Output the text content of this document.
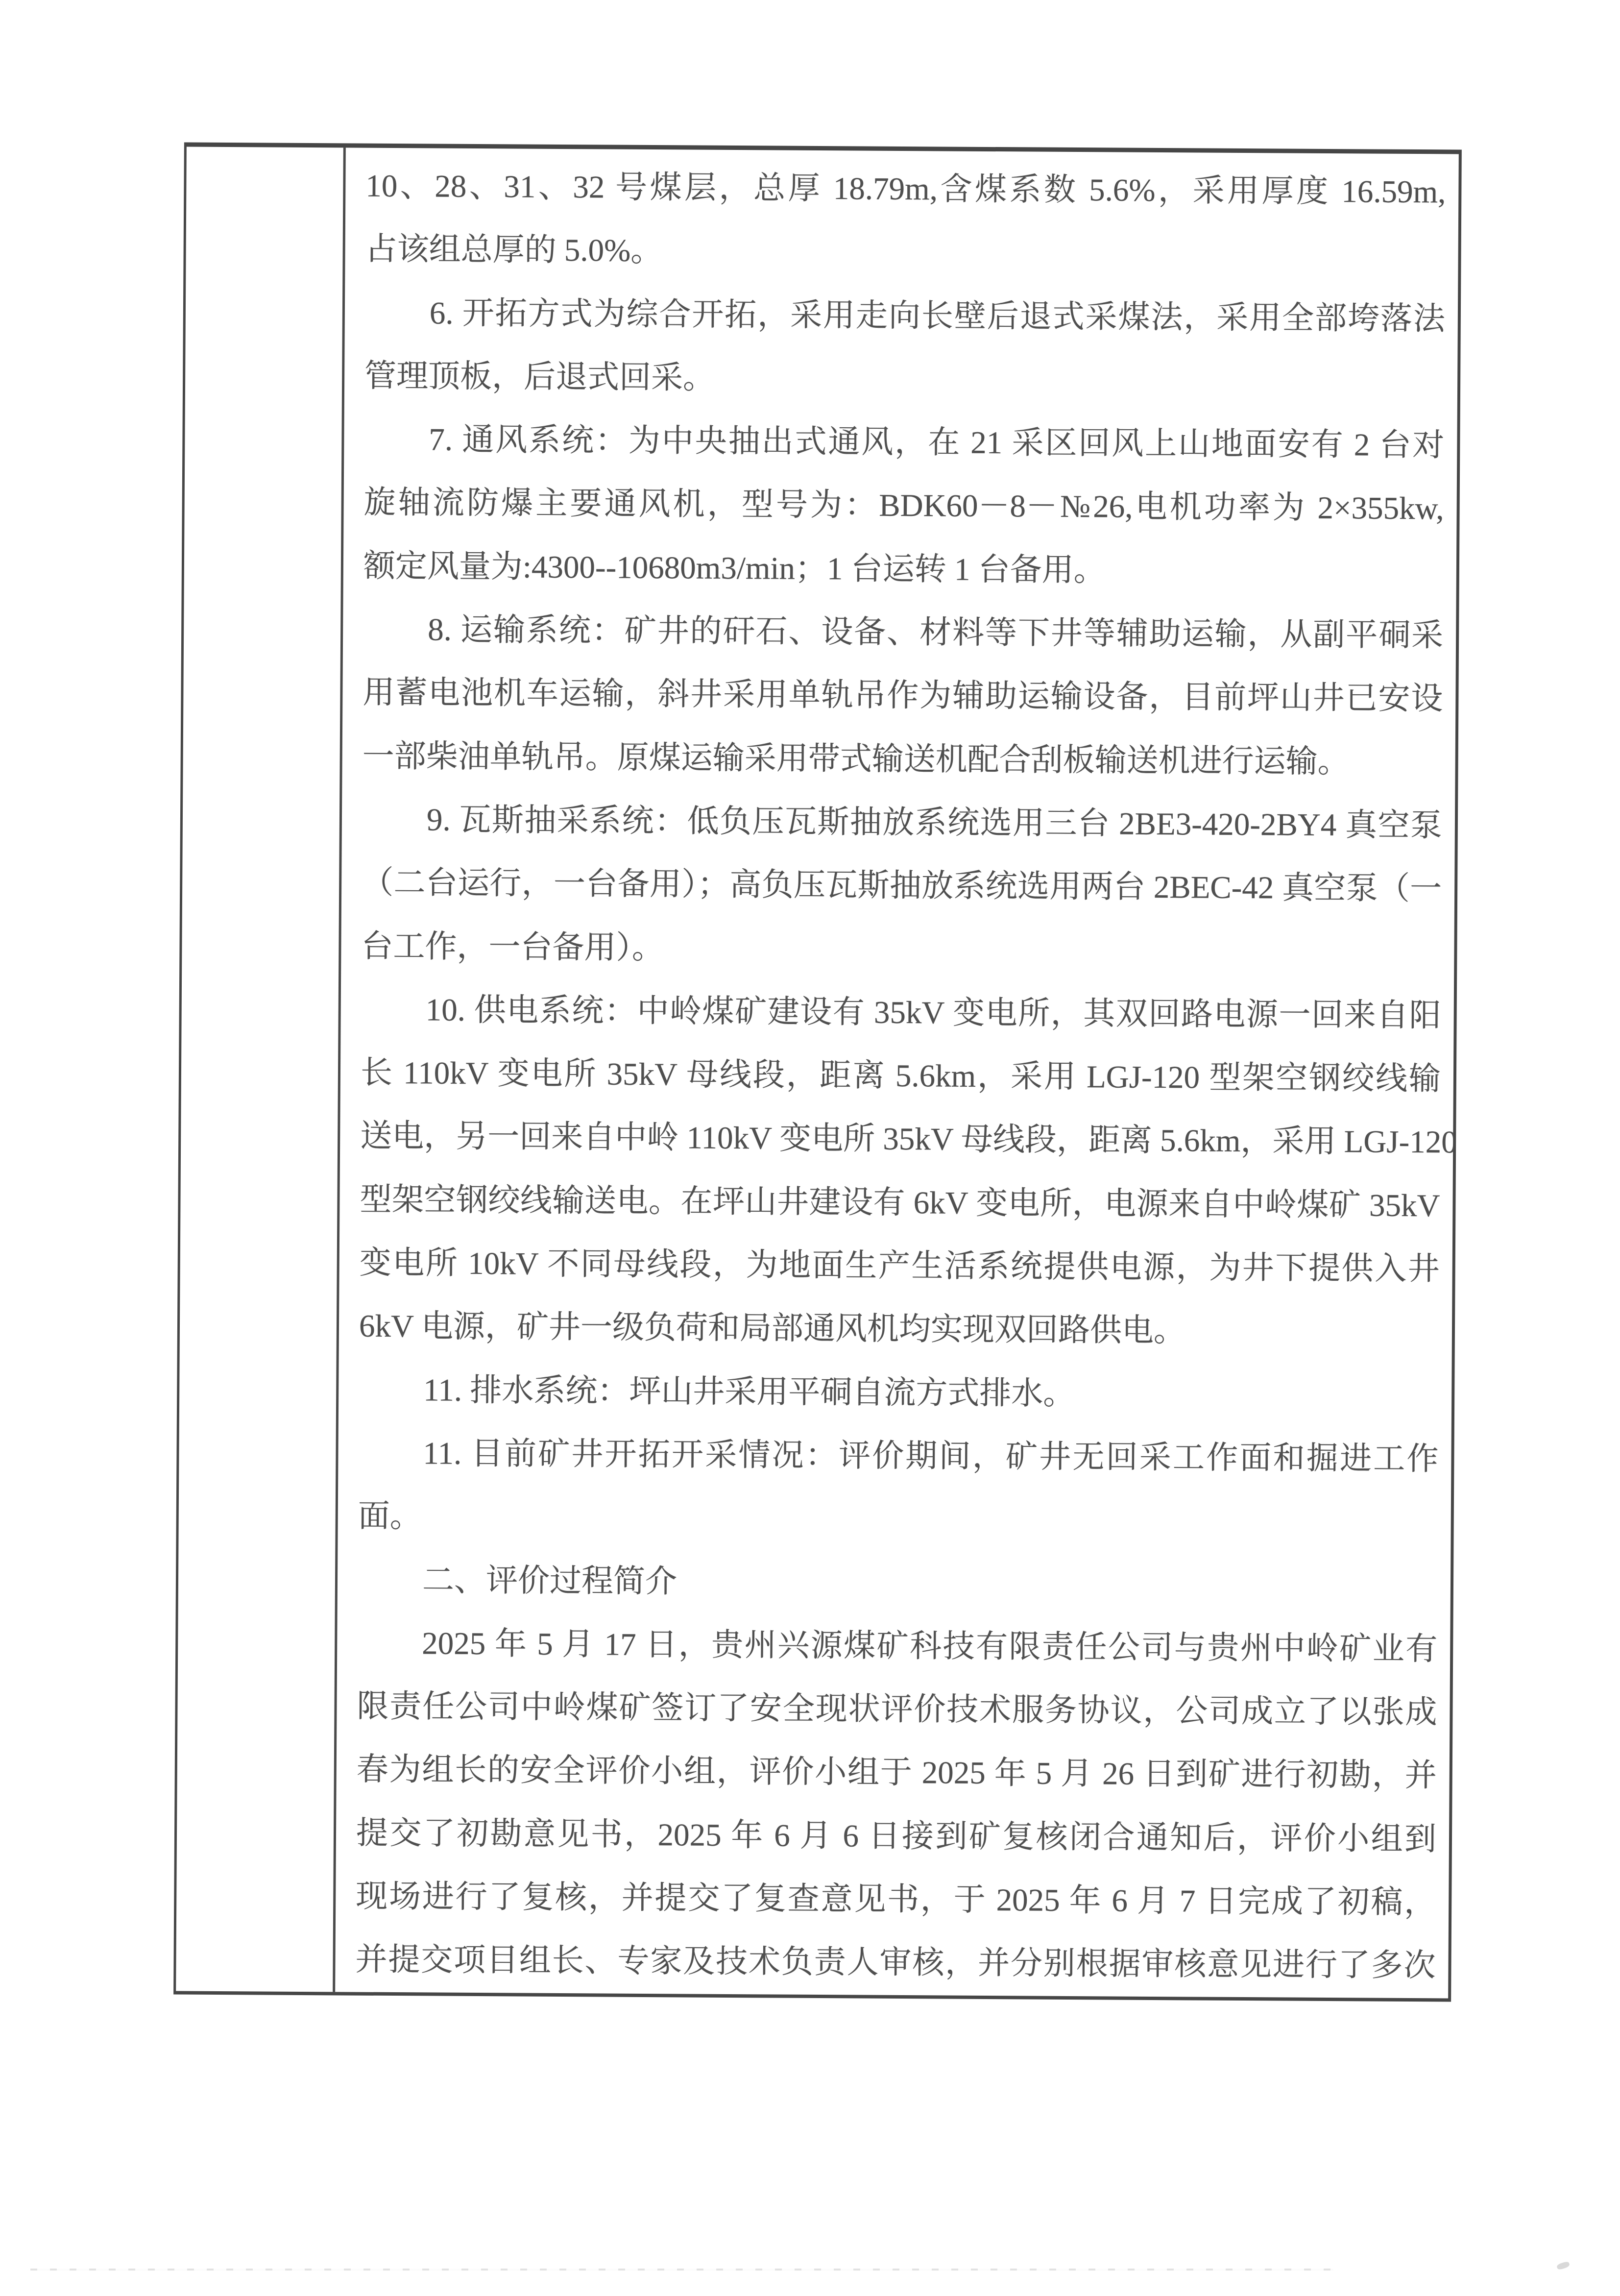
10、28、31、32 号煤层，总厚 18.79m,含煤系数 5.6%，采用厚度 16.59m,
占该组总厚的 5.0%。
6. 开拓方式为综合开拓，采用走向长壁后退式采煤法，采用全部垮落法
管理顶板，后退式回采。
7. 通风系统：为中央抽出式通风，在 21 采区回风上山地面安有 2 台对
旋轴流防爆主要通风机，型号为：BDK60－8－№26,电机功率为 2×355kw,
额定风量为:4300--10680m3/min；1 台运转 1 台备用。
8. 运输系统：矿井的矸石、设备、材料等下井等辅助运输，从副平硐采
用蓄电池机车运输，斜井采用单轨吊作为辅助运输设备，目前坪山井已安设
一部柴油单轨吊。原煤运输采用带式输送机配合刮板输送机进行运输。
9. 瓦斯抽采系统：低负压瓦斯抽放系统选用三台 2BE3-420-2BY4 真空泵
（二台运行，一台备用）；高负压瓦斯抽放系统选用两台 2BEC-42 真空泵（一
台工作，一台备用）。
10. 供电系统：中岭煤矿建设有 35kV 变电所，其双回路电源一回来自阳
长 110kV 变电所 35kV 母线段，距离 5.6km，采用 LGJ-120 型架空钢绞线输
送电，另一回来自中岭 110kV 变电所 35kV 母线段，距离 5.6km，采用 LGJ-120
型架空钢绞线输送电。在坪山井建设有 6kV 变电所，电源来自中岭煤矿 35kV
变电所 10kV 不同母线段，为地面生产生活系统提供电源，为井下提供入井
6kV 电源，矿井一级负荷和局部通风机均实现双回路供电。
11. 排水系统：坪山井采用平硐自流方式排水。
11. 目前矿井开拓开采情况：评价期间，矿井无回采工作面和掘进工作
面。
二、评价过程简介
2025 年 5 月 17 日，贵州兴源煤矿科技有限责任公司与贵州中岭矿业有
限责任公司中岭煤矿签订了安全现状评价技术服务协议，公司成立了以张成
春为组长的安全评价小组，评价小组于 2025 年 5 月 26 日到矿进行初勘，并
提交了初勘意见书，2025 年 6 月 6 日接到矿复核闭合通知后，评价小组到
现场进行了复核，并提交了复查意见书，于 2025 年 6 月 7 日完成了初稿，
并提交项目组长、专家及技术负责人审核，并分别根据审核意见进行了多次
